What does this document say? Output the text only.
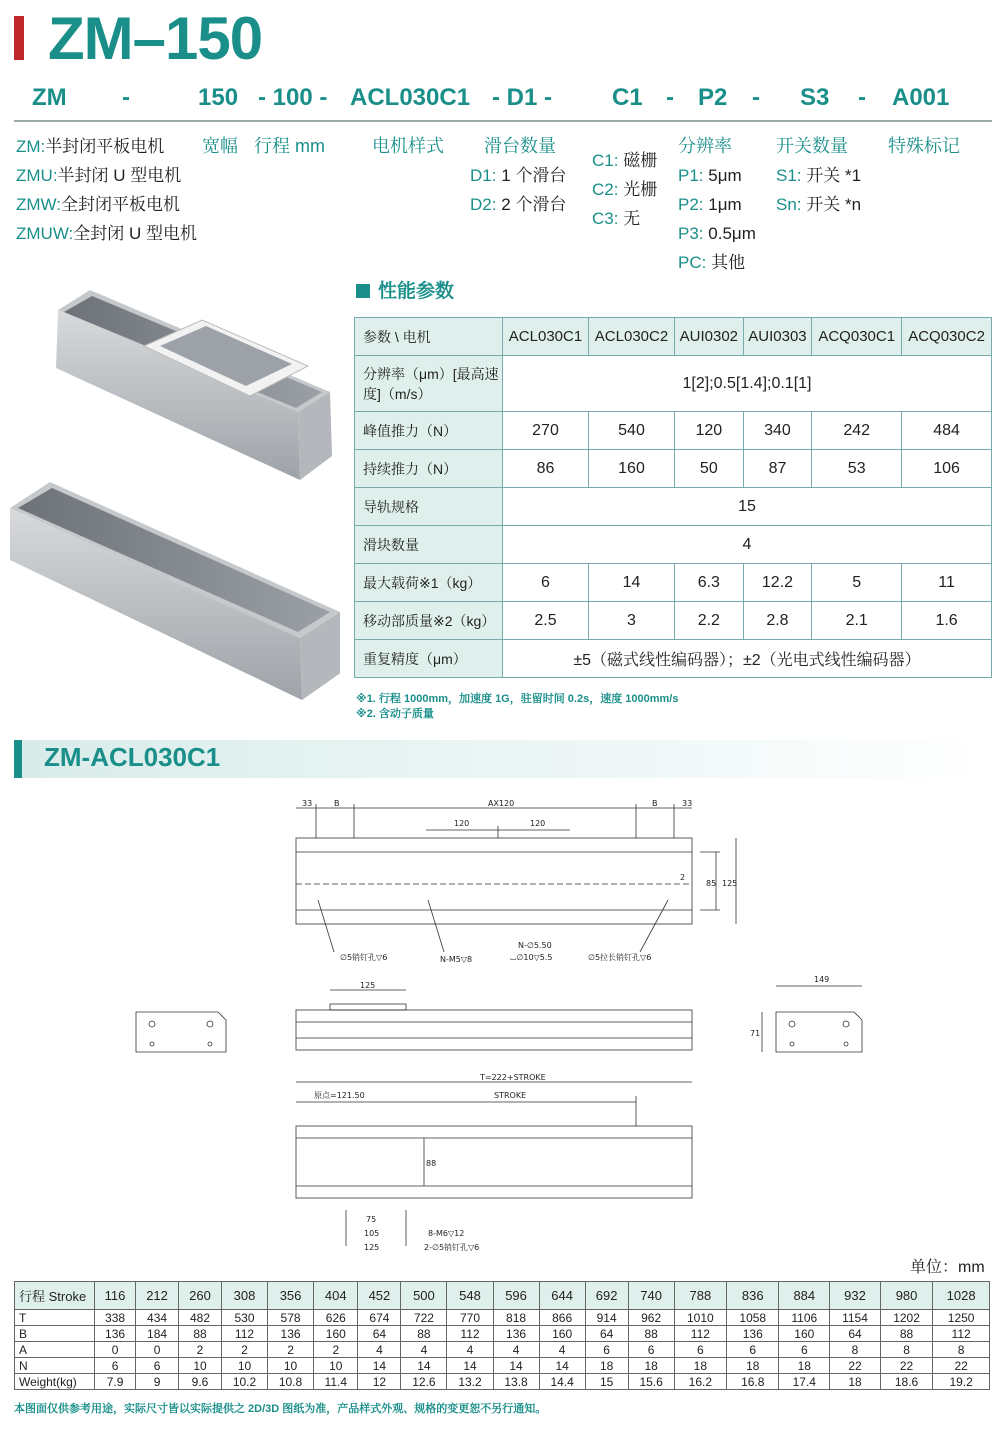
ZM–150
ZM -	150 - 100 - ACL030C1 - D1 -	C1 - P2 - S3 - A001
ZM:半封闭平板电机
ZMU:半封闭 U 型电机
ZMW:全封闭平板电机
ZMUW:全封闭 U 型电机
宽幅 行程 mm	电机样式	滑台数量
D1: 1 个滑台
D2: 2 个滑台
C1: 磁栅
C2: 光栅
C3: 无
分辨率
P1: 5μm
P2: 1μm
P3: 0.5μm
PC: 其他
开关数量
S1: 开关 *1
Sn: 开关 *n
特殊标记
性能参数
参数 \ 电机	ACL030C1	ACL030C2	AUI0302	AUI0303	ACQ030C1	ACQ030C2
分辨率（μm）[最高速度]（m/s）	1[2];0.5[1.4];0.1[1]					
峰值推力（N）	270	540	120	340	242	484
持续推力（N）	86	160	50	87	53	106
导轨规格	15					
滑块数量	4					
最大载荷※1（kg）	6	14	6.3	12.2	5	11
移动部质量※2（kg）	2.5	3	2.2	2.8	2.1	1.6
重复精度（μm）	±5（磁式线性编码器）；±2（光电式线性编码器）					
※1. 行程 1000mm，加速度 1G，驻留时间 0.2s，速度 1000mm/s
※2. 含动子质量
ZM-ACL030C1
33	B	AX120	B	33
120	120
2
85 125
∅5销钉孔▽6	N-M5▽8
N-∅5.50
⌴∅10▽5.5	∅5拉长销钉孔▽6
149
71
125
T=222+STROKE
原点=121.50	STROKE
88
75
105
125
8-M6▽12
2-∅5销钉孔▽6
单位：mm
行程 Stroke	116	212	260	308	356	404	452	500	548	596	644	692	740	788	836	884	932	980	1028
T	338	434	482	530	578	626	674	722	770	818	866	914	962	1010	1058	1106	1154	1202	1250
B	136	184	88	112	136	160	64	88	112	136	160	64	88	112	136	160	64	88	112
A	0	0	2	2	2	2	4	4	4	4	4	6	6	6	6	6	8	8	8
N	6	6	10	10	10	10	14	14	14	14	14	18	18	18	18	18	22	22	22
Weight(kg)	7.9	9	9.6	10.2	10.8	11.4	12	12.6	13.2	13.8	14.4	15	15.6	16.2	16.8	17.4	18	18.6	19.2
本图面仅供参考用途，实际尺寸皆以实际提供之 2D/3D 图纸为准，产品样式外观、规格的变更恕不另行通知。
